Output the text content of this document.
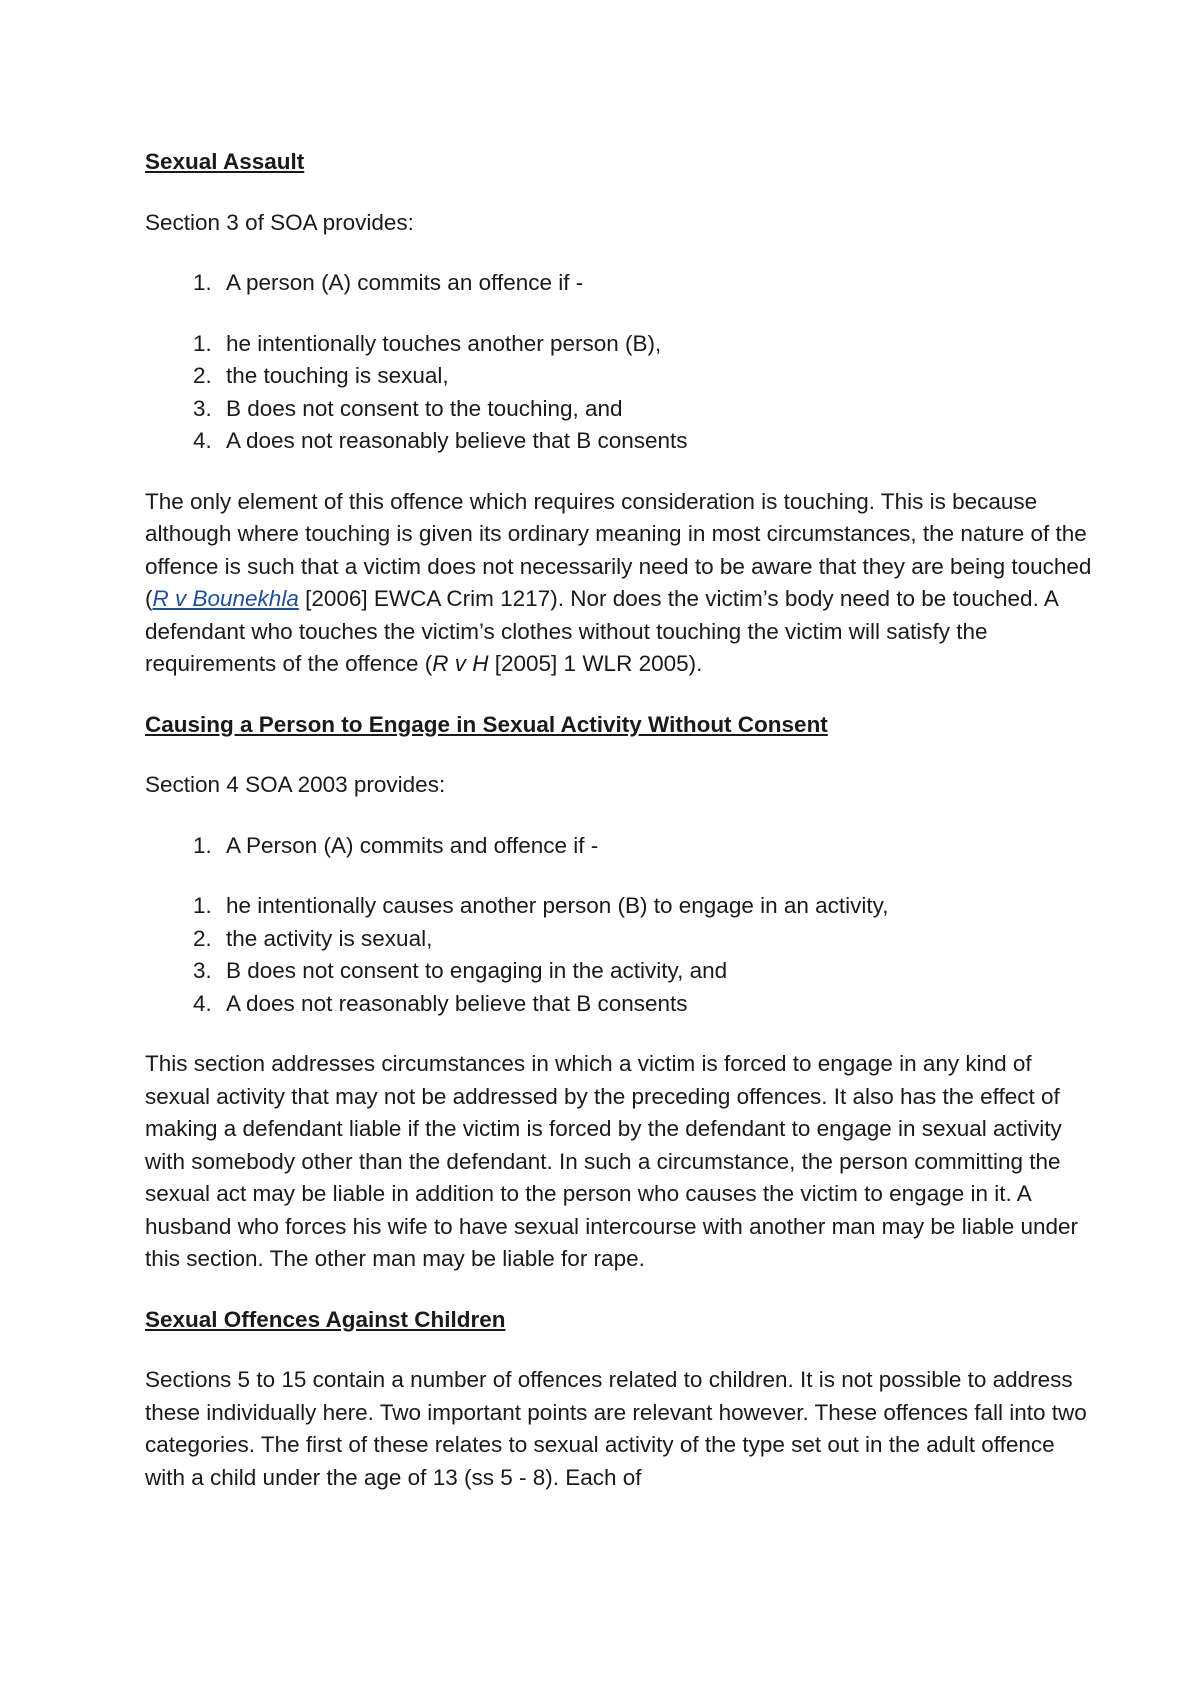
Sexual Assault

Section 3 of SOA provides:

1. A person (A) commits an offence if -
1. he intentionally touches another person (B),
2. the touching is sexual,
3. B does not consent to the touching, and
4. A does not reasonably believe that B consents

The only element of this offence which requires consideration is touching. This is because although where touching is given its ordinary meaning in most circumstances, the nature of the offence is such that a victim does not necessarily need to be aware that they are being touched (R v Bounekhla [2006] EWCA Crim 1217). Nor does the victim’s body need to be touched. A defendant who touches the victim’s clothes without touching the victim will satisfy the requirements of the offence (R v H [2005] 1 WLR 2005).

Causing a Person to Engage in Sexual Activity Without Consent

Section 4 SOA 2003 provides:

1. A Person (A) commits and offence if -
1. he intentionally causes another person (B) to engage in an activity,
2. the activity is sexual,
3. B does not consent to engaging in the activity, and
4. A does not reasonably believe that B consents

This section addresses circumstances in which a victim is forced to engage in any kind of sexual activity that may not be addressed by the preceding offences. It also has the effect of making a defendant liable if the victim is forced by the defendant to engage in sexual activity with somebody other than the defendant. In such a circumstance, the person committing the sexual act may be liable in addition to the person who causes the victim to engage in it. A husband who forces his wife to have sexual intercourse with another man may be liable under this section. The other man may be liable for rape.

Sexual Offences Against Children

Sections 5 to 15 contain a number of offences related to children. It is not possible to address these individually here. Two important points are relevant however. These offences fall into two categories. The first of these relates to sexual activity of the type set out in the adult offence with a child under the age of 13 (ss 5 - 8). Each of
